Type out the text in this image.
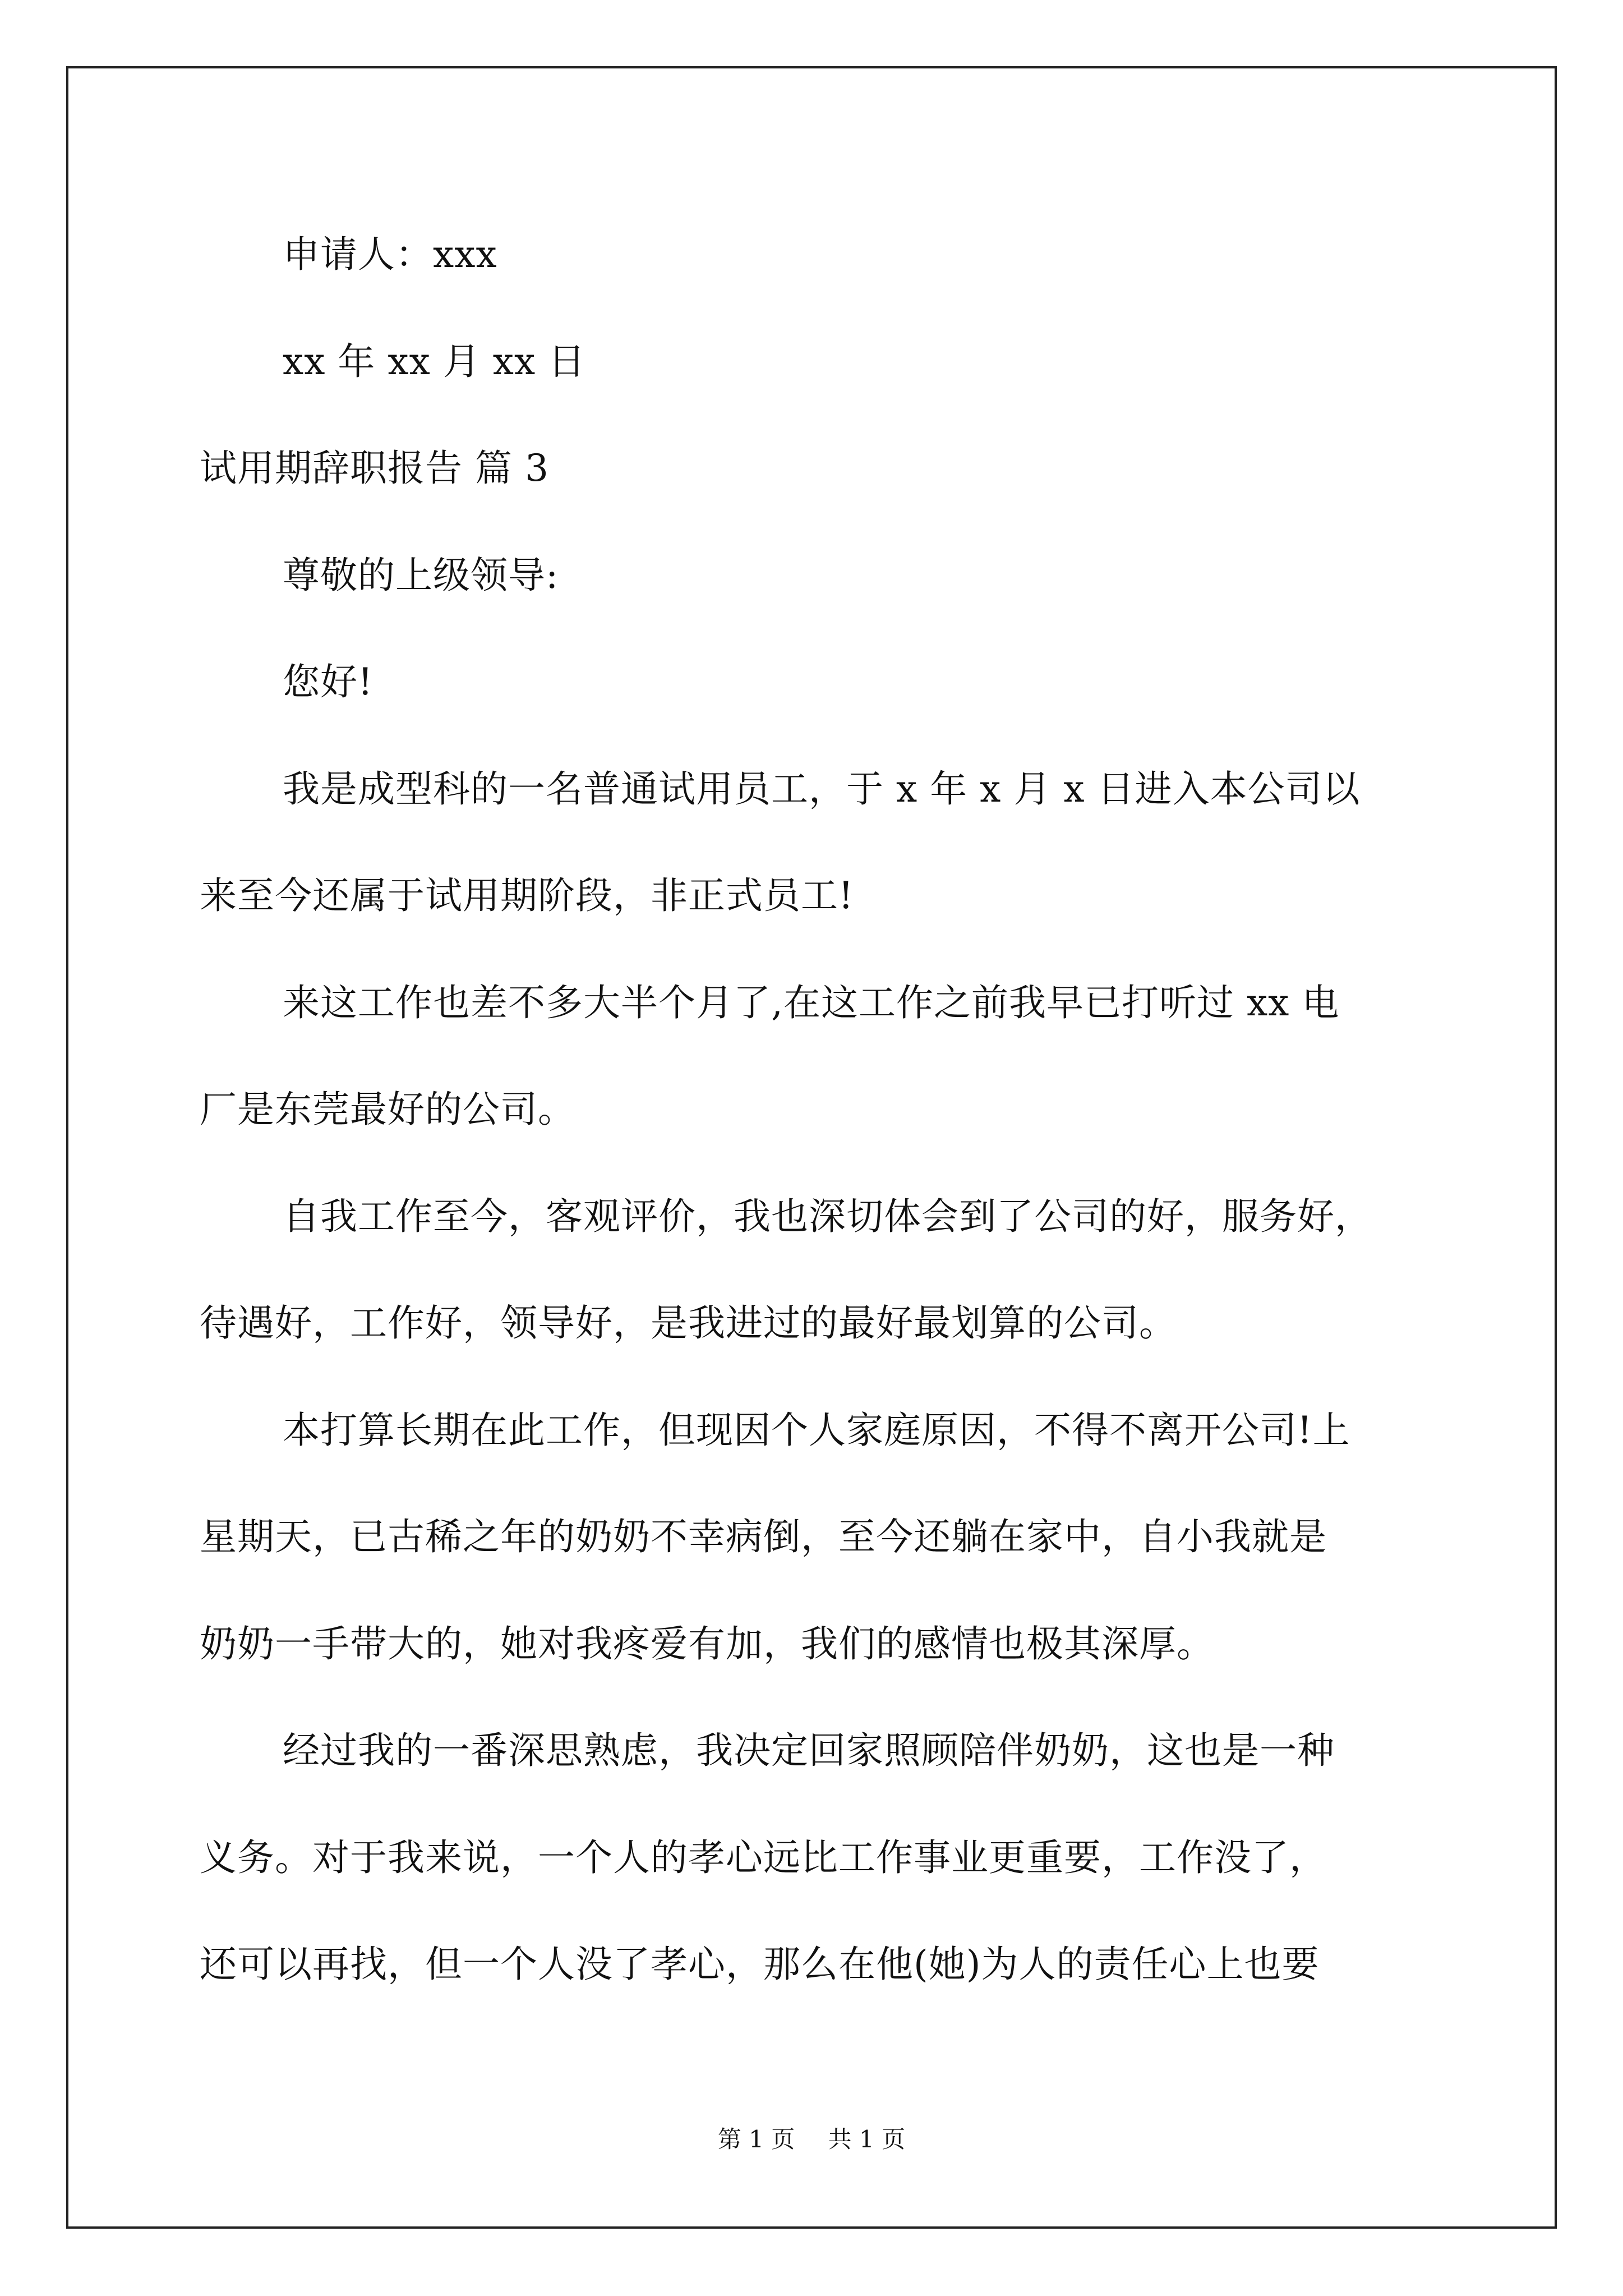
申请人：xxx

xx 年 xx 月 xx 日

试用期辞职报告 篇 3

尊敬的上级领导:

您好!

我是成型科的一名普通试用员工，于 x 年 x 月 x 日进入本公司以

来至今还属于试用期阶段，非正式员工!

来这工作也差不多大半个月了,在这工作之前我早已打听过 xx 电

厂是东莞最好的公司。

自我工作至今，客观评价，我也深切体会到了公司的好，服务好，

待遇好，工作好，领导好，是我进过的最好最划算的公司。

本打算长期在此工作，但现因个人家庭原因，不得不离开公司!上

星期天，已古稀之年的奶奶不幸病倒，至今还躺在家中，自小我就是

奶奶一手带大的，她对我疼爱有加，我们的感情也极其深厚。

经过我的一番深思熟虑，我决定回家照顾陪伴奶奶，这也是一种

义务。对于我来说，一个人的孝心远比工作事业更重要，工作没了，

还可以再找，但一个人没了孝心，那么在他(她)为人的责任心上也要

第 1 页 共 1 页
